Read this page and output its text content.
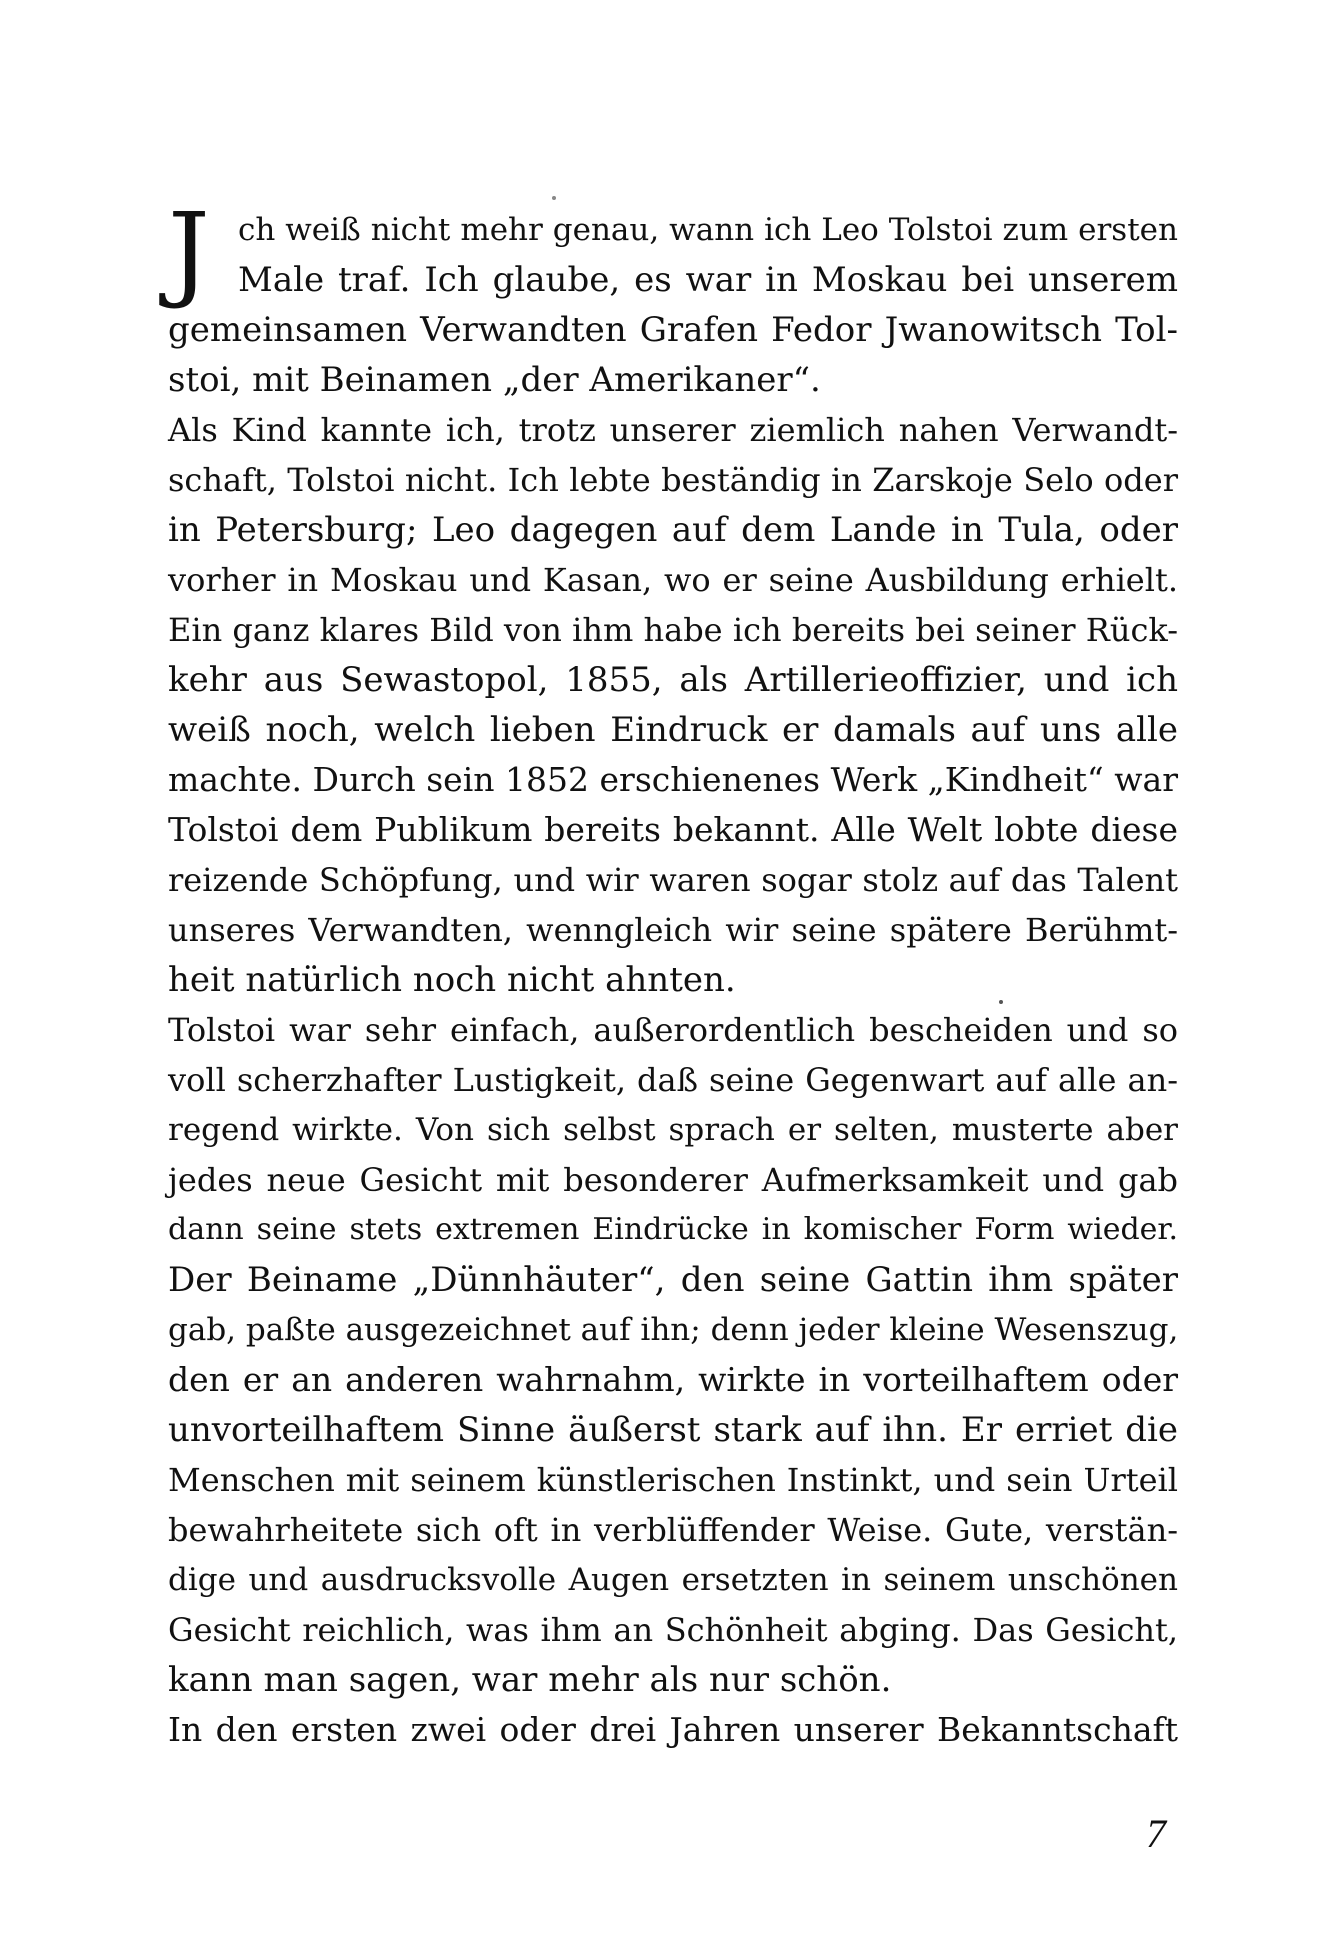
J ch weiß nicht mehr genau, wann ich Leo Tolstoi zum ersten
Male traf. Ich glaube, es war in Moskau bei unserem
gemeinsamen Verwandten Grafen Fedor Jwanowitsch Tol-
stoi, mit Beinamen „der Amerikaner“.
Als Kind kannte ich, trotz unserer ziemlich nahen Verwandt-
schaft, Tolstoi nicht. Ich lebte beständig in Zarskoje Selo oder
in Petersburg; Leo dagegen auf dem Lande in Tula, oder
vorher in Moskau und Kasan, wo er seine Ausbildung erhielt.
Ein ganz klares Bild von ihm habe ich bereits bei seiner Rück-
kehr aus Sewastopol, 1855, als Artillerieoffizier, und ich
weiß noch, welch lieben Eindruck er damals auf uns alle
machte. Durch sein 1852 erschienenes Werk „Kindheit“ war
Tolstoi dem Publikum bereits bekannt. Alle Welt lobte diese
reizende Schöpfung, und wir waren sogar stolz auf das Talent
unseres Verwandten, wenngleich wir seine spätere Berühmt-
heit natürlich noch nicht ahnten.
Tolstoi war sehr einfach, außerordentlich bescheiden und so
voll scherzhafter Lustigkeit, daß seine Gegenwart auf alle an-
regend wirkte. Von sich selbst sprach er selten, musterte aber
jedes neue Gesicht mit besonderer Aufmerksamkeit und gab
dann seine stets extremen Eindrücke in komischer Form wieder.
Der Beiname „Dünnhäuter“, den seine Gattin ihm später
gab, paßte ausgezeichnet auf ihn; denn jeder kleine Wesenszug,
den er an anderen wahrnahm, wirkte in vorteilhaftem oder
unvorteilhaftem Sinne äußerst stark auf ihn. Er erriet die
Menschen mit seinem künstlerischen Instinkt, und sein Urteil
bewahrheitete sich oft in verblüffender Weise. Gute, verstän-
dige und ausdrucksvolle Augen ersetzten in seinem unschönen
Gesicht reichlich, was ihm an Schönheit abging. Das Gesicht,
kann man sagen, war mehr als nur schön.
In den ersten zwei oder drei Jahren unserer Bekanntschaft
7
